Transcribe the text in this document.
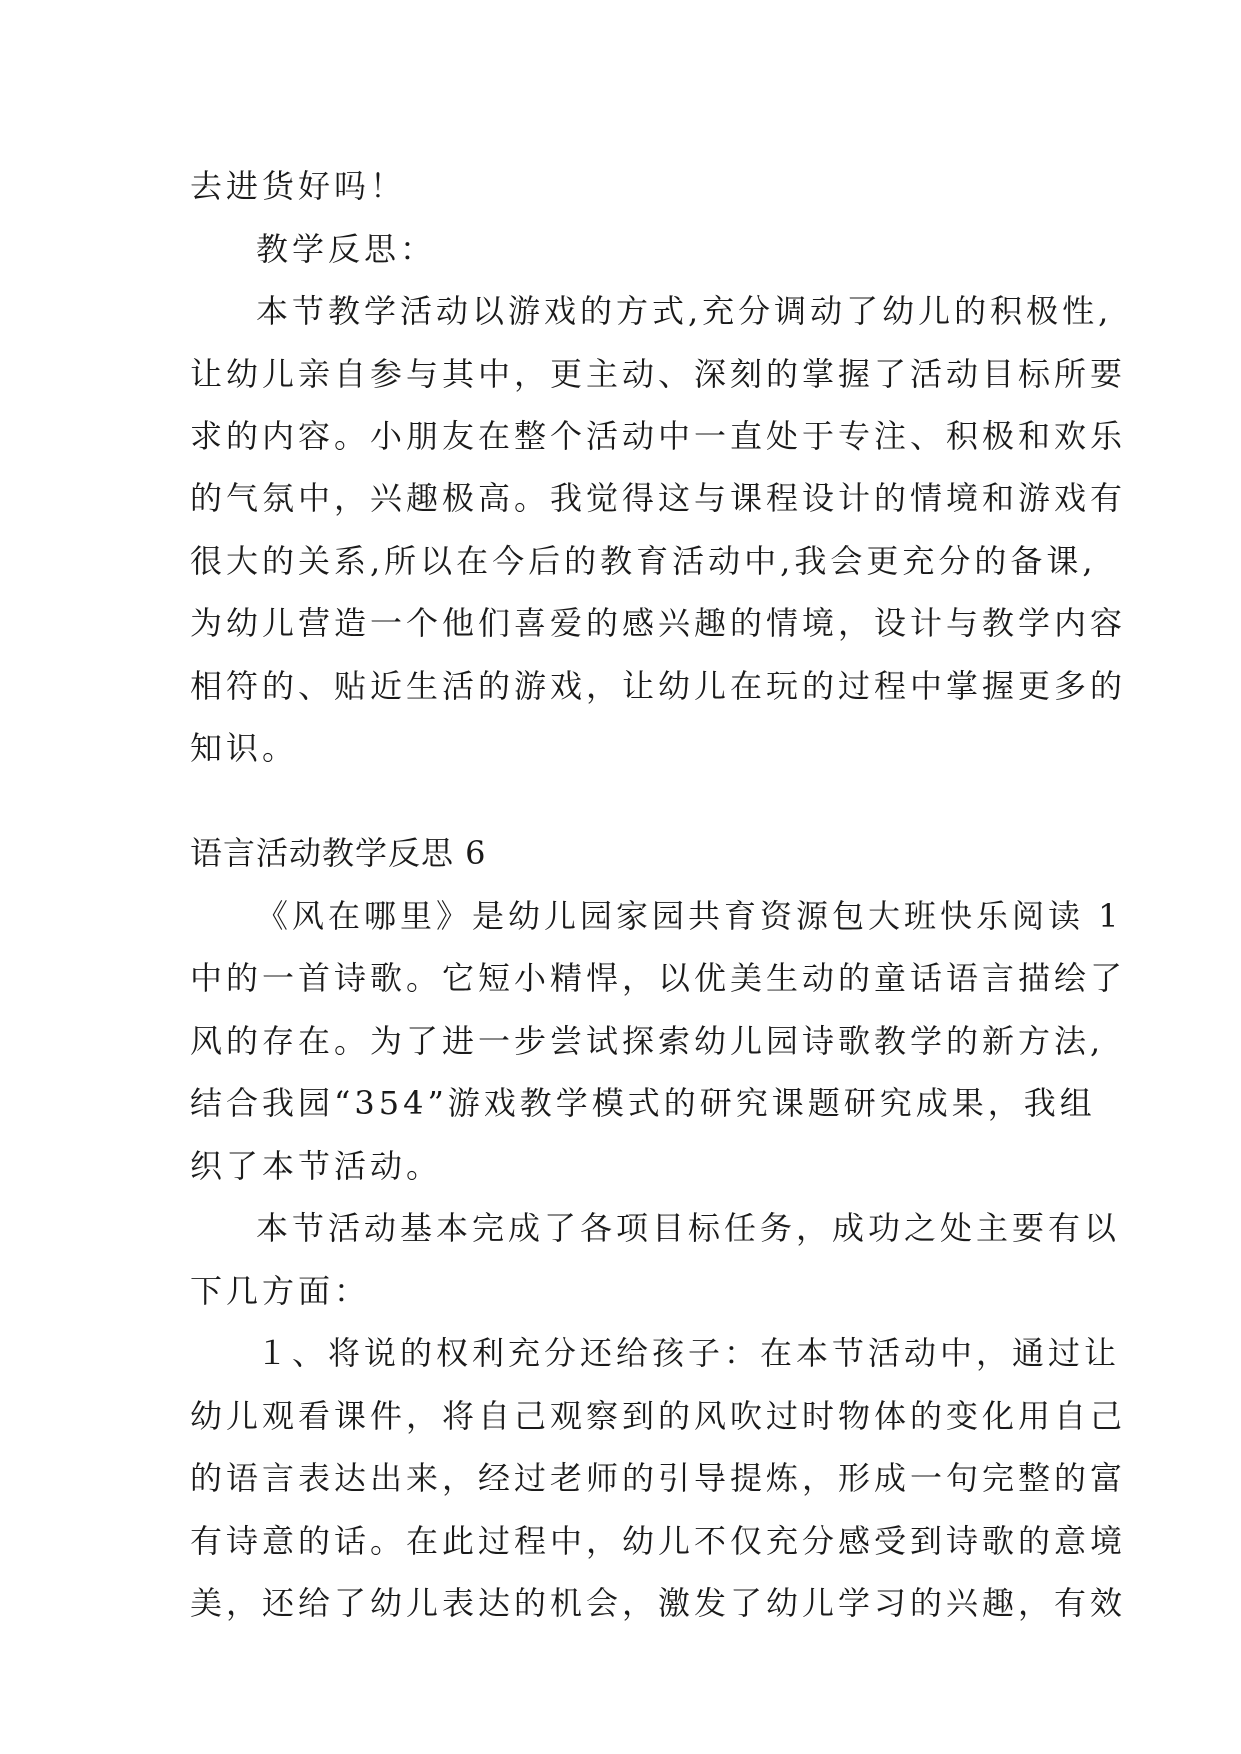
去进货好吗！
教学反思：
本节教学活动以游戏的方式,充分调动了幼儿的积极性,
让幼儿亲自参与其中，更主动、深刻的掌握了活动目标所要
求的内容。小朋友在整个活动中一直处于专注、积极和欢乐
的气氛中，兴趣极高。我觉得这与课程设计的情境和游戏有
很大的关系,所以在今后的教育活动中,我会更充分的备课,
为幼儿营造一个他们喜爱的感兴趣的情境，设计与教学内容
相符的、贴近生活的游戏，让幼儿在玩的过程中掌握更多的
知识。
语言活动教学反思 6
《风在哪里》是幼儿园家园共育资源包大班快乐阅读 1
中的一首诗歌。它短小精悍，以优美生动的童话语言描绘了
风的存在。为了进一步尝试探索幼儿园诗歌教学的新方法,
结合我园“354”游戏教学模式的研究课题研究成果，我组
织了本节活动。
本节活动基本完成了各项目标任务，成功之处主要有以
下几方面：
１、将说的权利充分还给孩子：在本节活动中，通过让
幼儿观看课件，将自己观察到的风吹过时物体的变化用自己
的语言表达出来，经过老师的引导提炼，形成一句完整的富
有诗意的话。在此过程中，幼儿不仅充分感受到诗歌的意境
美，还给了幼儿表达的机会，激发了幼儿学习的兴趣，有效
